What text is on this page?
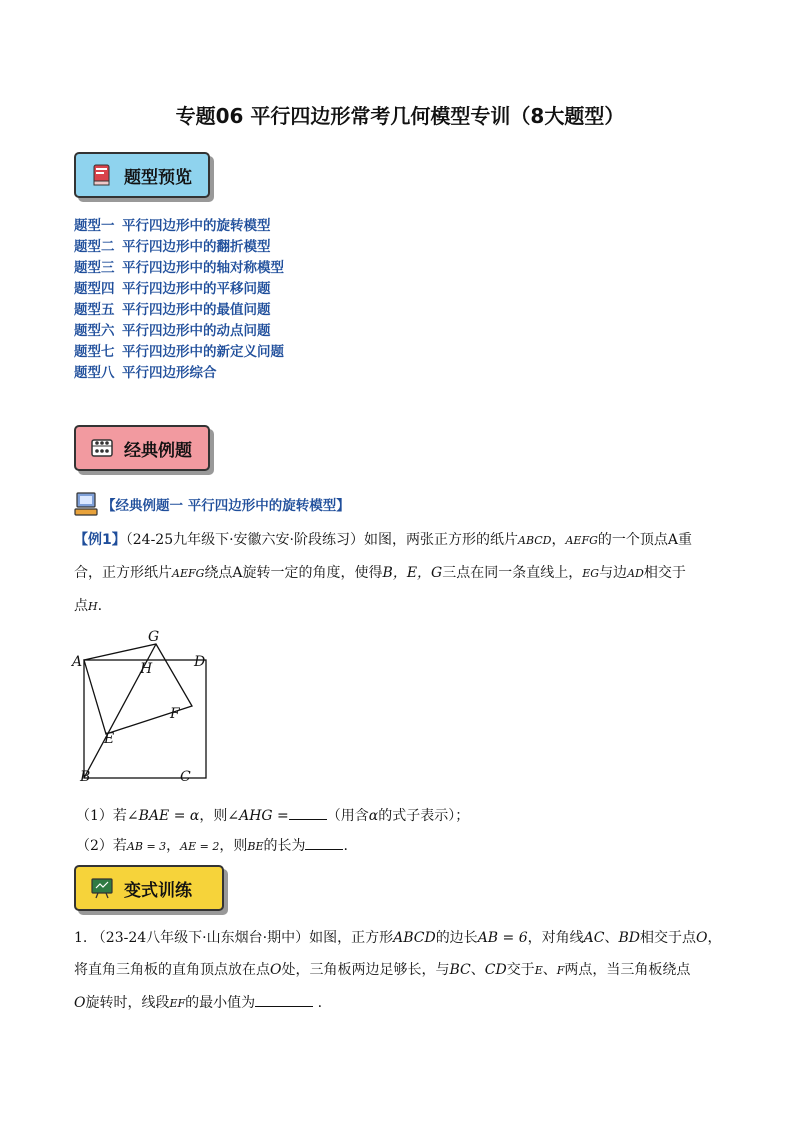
专题06 平行四边形常考几何模型专训（8大题型）
题型预览
题型一 平行四边形中的旋转模型
题型二 平行四边形中的翻折模型
题型三 平行四边形中的轴对称模型
题型四 平行四边形中的平移问题
题型五 平行四边形中的最值问题
题型六 平行四边形中的动点问题
题型七 平行四边形中的新定义问题
题型八 平行四边形综合
经典例题
【经典例题一 平行四边形中的旋转模型】
【例1】（24-25九年级下·安徽六安·阶段练习）如图，两张正方形的纸片ABCD，AEFG的一个顶点A重
合，正方形纸片AEFG绕点A旋转一定的角度，使得B，E，G三点在同一条直线上，EG与边AD相交于
点H.
A
B	C
D
E
F
G
H
（1）若∠BAE = α，则∠AHG =	（用含α的式子表示）；
（2）若AB = 3，AE = 2，则BE的长为	.
变式训练
1. （23-24八年级下·山东烟台·期中）如图，正方形ABCD的边长AB = 6，对角线AC、BD相交于点O，
将直角三角板的直角顶点放在点O处，三角板两边足够长，与BC、CD交于E、F两点，当三角板绕点
O旋转时，线段EF的最小值为	.
